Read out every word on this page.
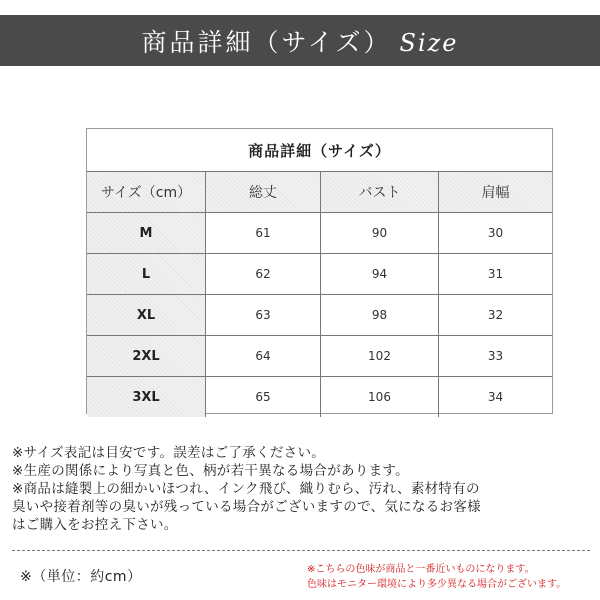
商品詳細（サイズ） Size
商品詳細（サイズ）
サイズ（cm）	総丈	バスト	肩幅
M	61	90	30
L	62	94	31
XL	63	98	32
2XL	64	102	33
3XL	65	106	34
※サイズ表記は目安です。誤差はご了承ください。
※生産の関係により写真と色、柄が若干異なる場合があります。
※商品は縫製上の細かいほつれ、インク飛び、織りむら、汚れ、素材特有の
臭いや接着剤等の臭いが残っている場合がございますので、気になるお客様
はご購入をお控え下さい。
※（単位：約cm）	※こちらの色味が商品と一番近いものになります。
色味はモニター環境により多少異なる場合がございます。
